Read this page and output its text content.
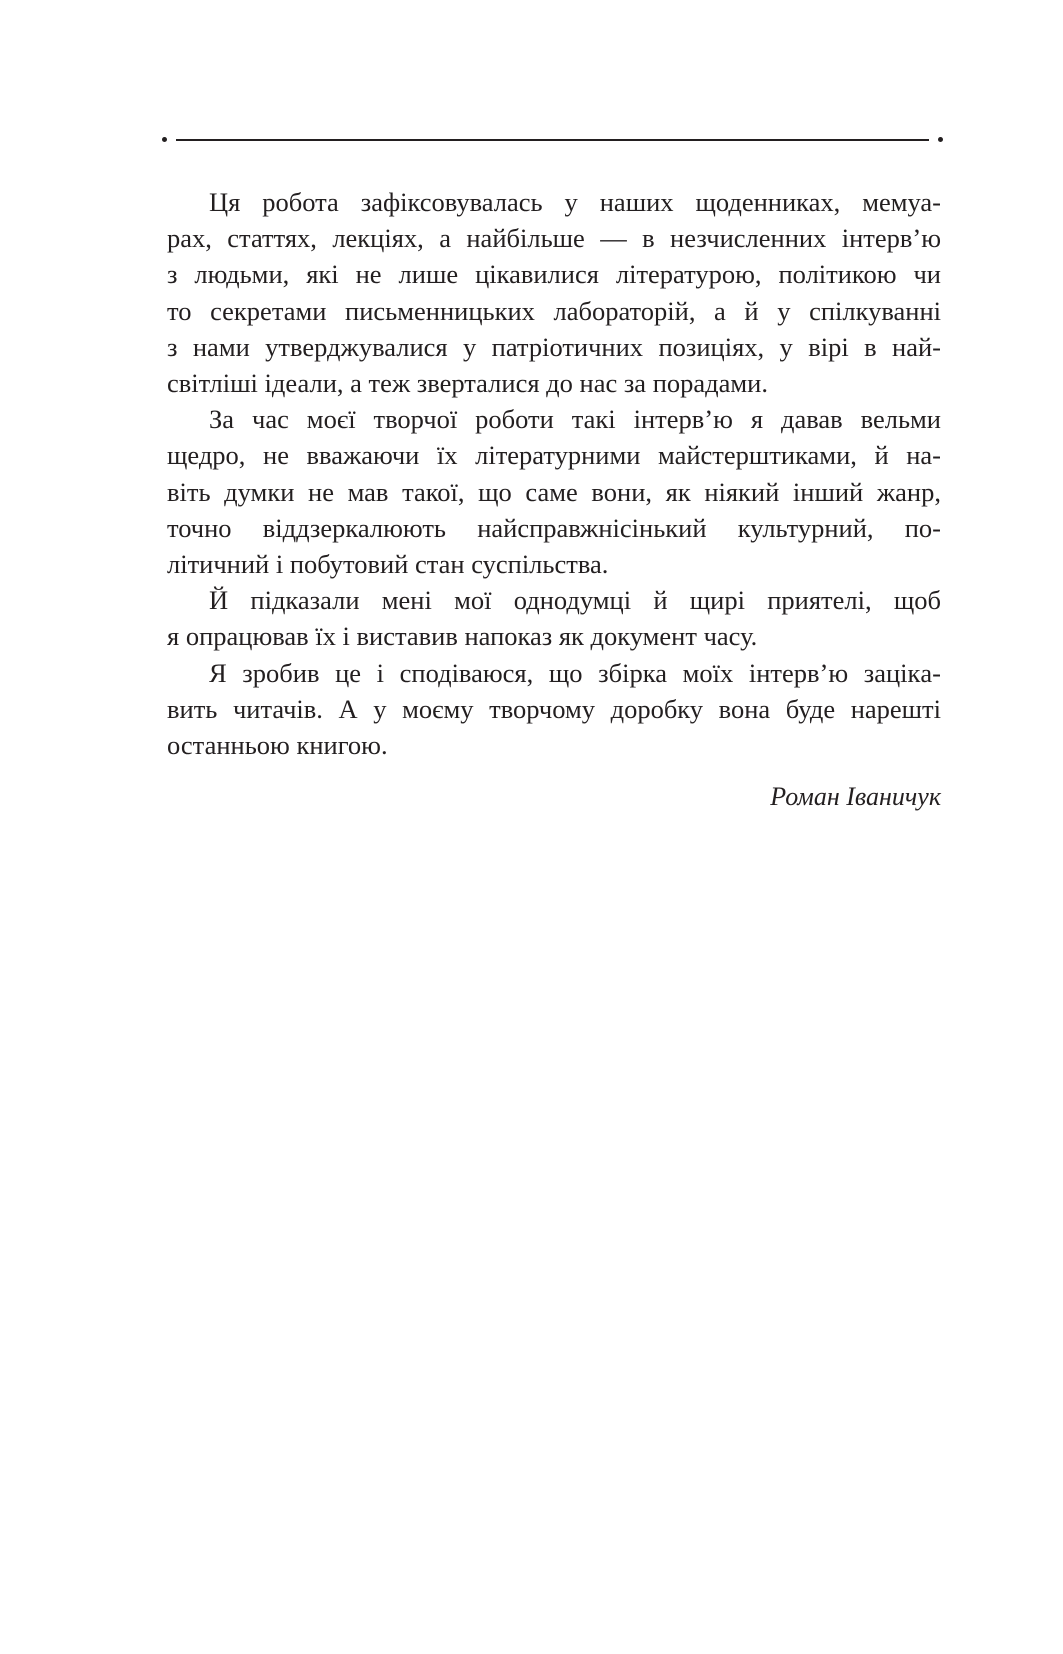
Ця робота зафіксовувалась у наших щоденниках, мемуа-
рах, статтях, лекціях, а найбільше — в незчисленних інтерв’ю
з людьми, які не лише цікавилися літературою, політикою чи
то секретами письменницьких лабораторій, а й у спілкуванні
з нами утверджувалися у патріотичних позиціях, у вірі в най-
світліші ідеали, а теж зверталися до нас за порадами.
За час моєї творчої роботи такі інтерв’ю я давав вельми
щедро, не вважаючи їх літературними майстерштиками, й на-
віть думки не мав такої, що саме вони, як ніякий інший жанр,
точно віддзеркалюють найсправжнісінький культурний, по-
літичний і побутовий стан суспільства.
Й підказали мені мої однодумці й щирі приятелі, щоб
я опрацював їх і виставив напоказ як документ часу.
Я зробив це і сподіваюся, що збірка моїх інтерв’ю зацікa-
вить читачів. А у моєму творчому доробку вона буде нарешті
останньою книгою.
Роман Іваничук
